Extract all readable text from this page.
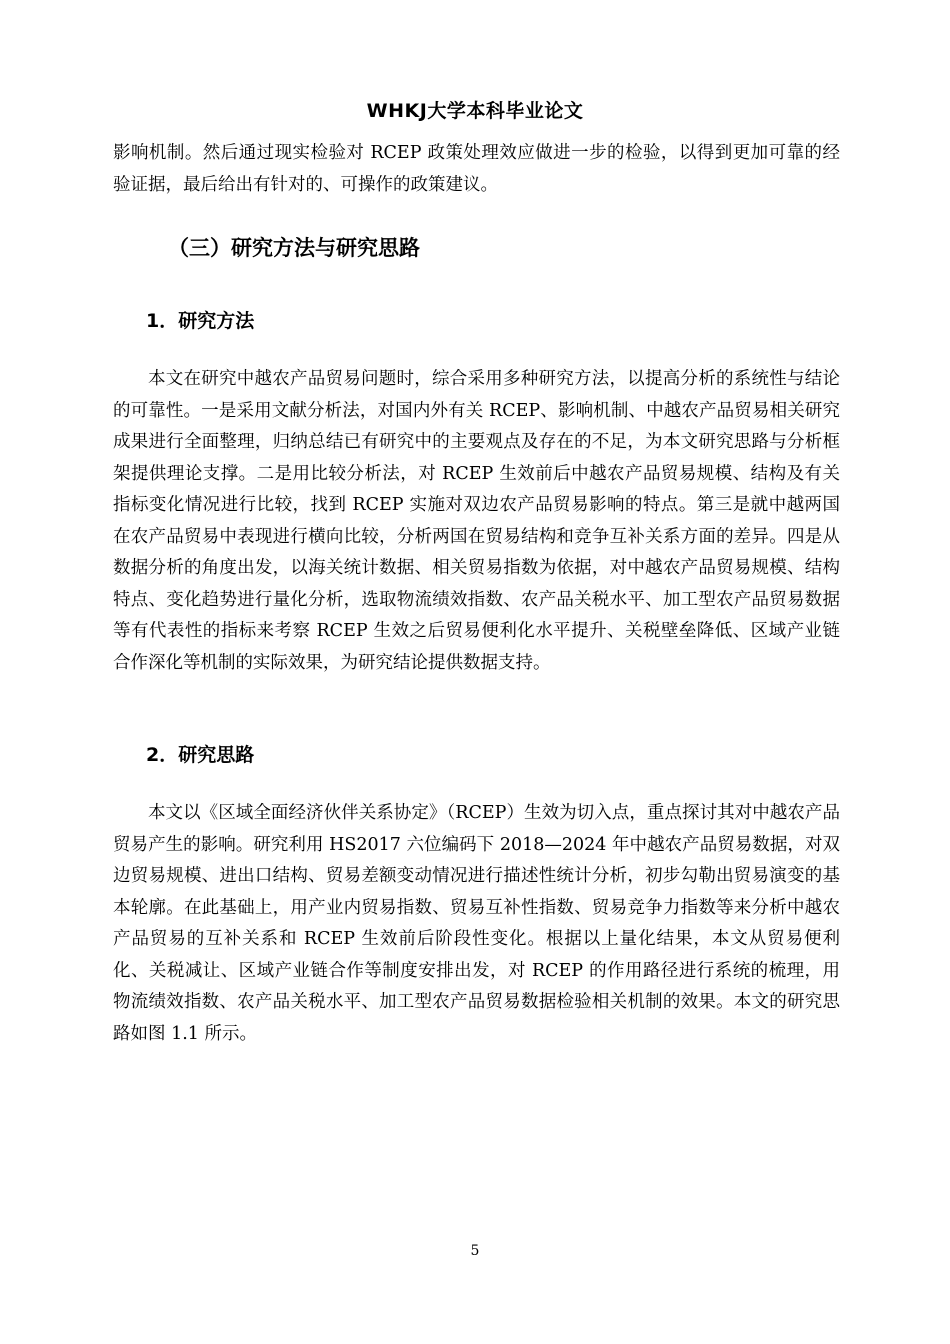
WHKJ大学本科毕业论文

影响机制。然后通过现实检验对 RCEP 政策处理效应做进一步的检验，以得到更加可靠的经验证据，最后给出有针对的、可操作的政策建议。

（三）研究方法与研究思路
1．研究方法

本文在研究中越农产品贸易问题时，综合采用多种研究方法，以提高分析的系统性与结论的可靠性。一是采用文献分析法，对国内外有关 RCEP、影响机制、中越农产品贸易相关研究成果进行全面整理，归纳总结已有研究中的主要观点及存在的不足，为本文研究思路与分析框架提供理论支撑。二是用比较分析法，对 RCEP 生效前后中越农产品贸易规模、结构及有关指标变化情况进行比较，找到 RCEP 实施对双边农产品贸易影响的特点。第三是就中越两国在农产品贸易中表现进行横向比较，分析两国在贸易结构和竞争互补关系方面的差异。四是从数据分析的角度出发，以海关统计数据、相关贸易指数为依据，对中越农产品贸易规模、结构特点、变化趋势进行量化分析，选取物流绩效指数、农产品关税水平、加工型农产品贸易数据等有代表性的指标来考察 RCEP 生效之后贸易便利化水平提升、关税壁垒降低、区域产业链合作深化等机制的实际效果，为研究结论提供数据支持。

2．研究思路

本文以《区域全面经济伙伴关系协定》（RCEP）生效为切入点，重点探讨其对中越农产品贸易产生的影响。研究利用 HS2017 六位编码下 2018—2024 年中越农产品贸易数据，对双边贸易规模、进出口结构、贸易差额变动情况进行描述性统计分析，初步勾勒出贸易演变的基本轮廓。在此基础上，用产业内贸易指数、贸易互补性指数、贸易竞争力指数等来分析中越农产品贸易的互补关系和 RCEP 生效前后阶段性变化。根据以上量化结果，本文从贸易便利化、关税减让、区域产业链合作等制度安排出发，对 RCEP 的作用路径进行系统的梳理，用物流绩效指数、农产品关税水平、加工型农产品贸易数据检验相关机制的效果。本文的研究思路如图 1.1 所示。

5
